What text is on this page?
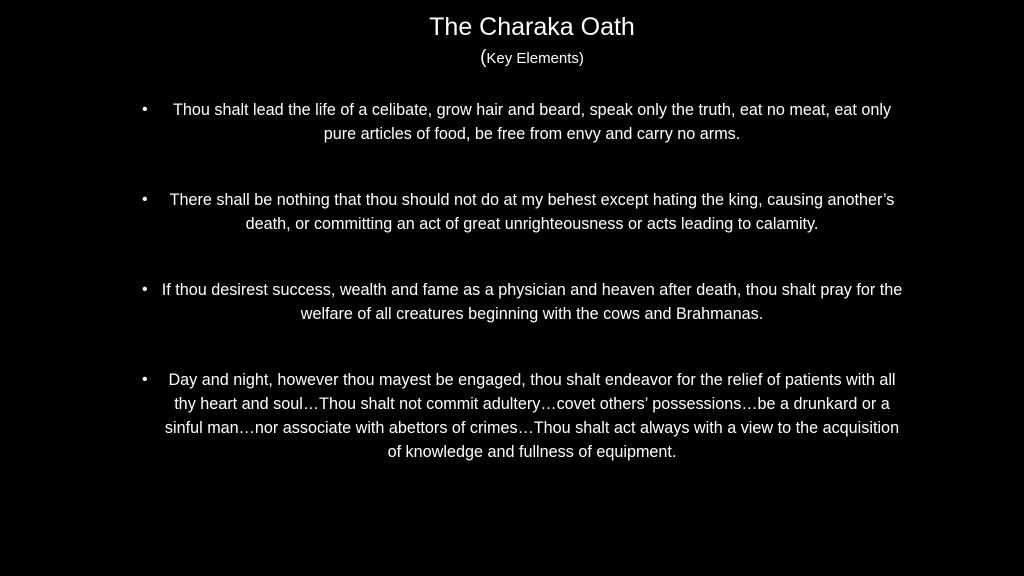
The Charaka Oath
(Key Elements)
•	Thou shalt lead the life of a celibate, grow hair and beard, speak only the truth, eat no meat, eat only pure articles of food, be free from envy and carry no arms.
•	There shall be nothing that thou should not do at my behest except hating the king, causing another’s death, or committing an act of great unrighteousness or acts leading to calamity.
• If thou desirest success, wealth and fame as a physician and heaven after death, thou shalt pray for the welfare of all creatures beginning with the cows and Brahmanas.
•	Day and night, however thou mayest be engaged, thou shalt endeavor for the relief of patients with all thy heart and soul…Thou shalt not commit adultery…covet others’ possessions…be a drunkard or a sinful man…nor associate with abettors of crimes…Thou shalt act always with a view to the acquisition of knowledge and fullness of equipment.
